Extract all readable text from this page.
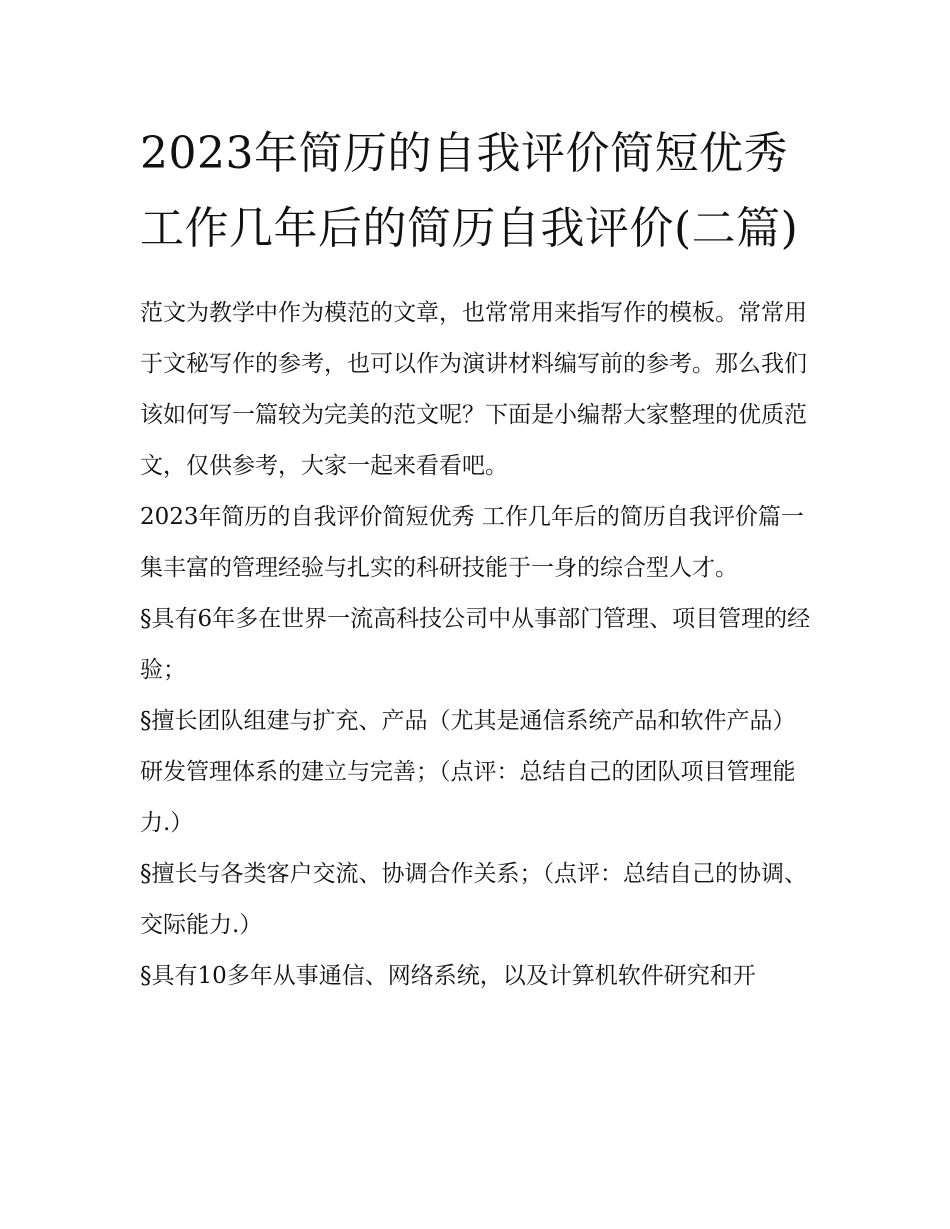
2023年简历的自我评价简短优秀 工作几年后的简历自我评价(二篇)

范文为教学中作为模范的文章，也常常用来指写作的模板。常常用于文秘写作的参考，也可以作为演讲材料编写前的参考。那么我们该如何写一篇较为完美的范文呢？下面是小编帮大家整理的优质范文，仅供参考，大家一起来看看吧。

2023年简历的自我评价简短优秀 工作几年后的简历自我评价篇一 集丰富的管理经验与扎实的科研技能于一身的综合型人才。

§具有6年多在世界一流高科技公司中从事部门管理、项目管理的经验；

§擅长团队组建与扩充、产品（尤其是通信系统产品和软件产品）研发管理体系的建立与完善；（点评：总结自己的团队项目管理能力.）

§擅长与各类客户交流、协调合作关系；（点评：总结自己的协调、交际能力.）

§具有10多年从事通信、网络系统，以及计算机软件研究和开
